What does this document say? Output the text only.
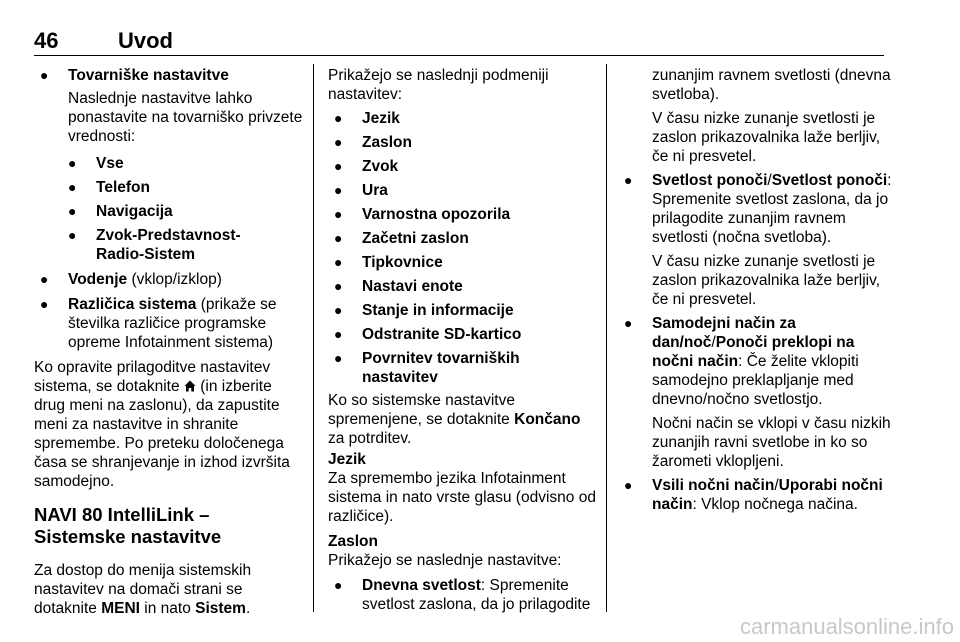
46	Uvod
● Tovarniške nastavitve

Naslednje nastavitve lahko ponastavite na tovarniško privzete vrednosti:

● Vse

● Telefon

● Navigacija

● Zvok-Predstavnost-Radio-Sistem

● Vodenje (vklop/izklop)

● Različica sistema (prikaže se številka različice programske opreme Infotainment sistema)

Ko opravite prilagoditve nastavitev sistema, se dotaknite  (in izberite drug meni na zaslonu), da zapustite meni za nastavitve in shranite spremembe. Po preteku določenega časa se shranjevanje in izhod izvršita samodejno.

NAVI 80 IntelliLink – Sistemske nastavitve

Za dostop do menija sistemskih nastavitev na domači strani se dotaknite MENI in nato Sistem.

Prikažejo se naslednji podmeniji nastavitev:

● Jezik

● Zaslon

● Zvok

● Ura

● Varnostna opozorila

● Začetni zaslon

● Tipkovnice

● Nastavi enote

● Stanje in informacije

● Odstranite SD-kartico

● Povrnitev tovarniških nastavitev

Ko so sistemske nastavitve spremenjene, se dotaknite Končano za potrditev.

Jezik

Za spremembo jezika Infotainment sistema in nato vrste glasu (odvisno od različice).

Zaslon

Prikažejo se naslednje nastavitve:

● Dnevna svetlost: Spremenite svetlost zaslona, da jo prilagodite

zunanjim ravnem svetlosti (dnevna svetloba).

V času nizke zunanje svetlosti je zaslon prikazovalnika laže berljiv, če ni presvetel.

● Svetlost ponoči/Svetlost ponoči: Spremenite svetlost zaslona, da jo prilagodite zunanjim ravnem svetlosti (nočna svetloba).

V času nizke zunanje svetlosti je zaslon prikazovalnika laže berljiv, če ni presvetel.

● Samodejni način za dan/noč/Ponoči preklopi na nočni način: Če želite vklopiti samodejno preklapljanje med dnevno/nočno svetlostjo.

Nočni način se vklopi v času nizkih zunanjih ravni svetlobe in ko so žarometi vklopljeni.

● Vsili nočni način/Uporabi nočni način: Vklop nočnega načina.

carmanualsonline.info
